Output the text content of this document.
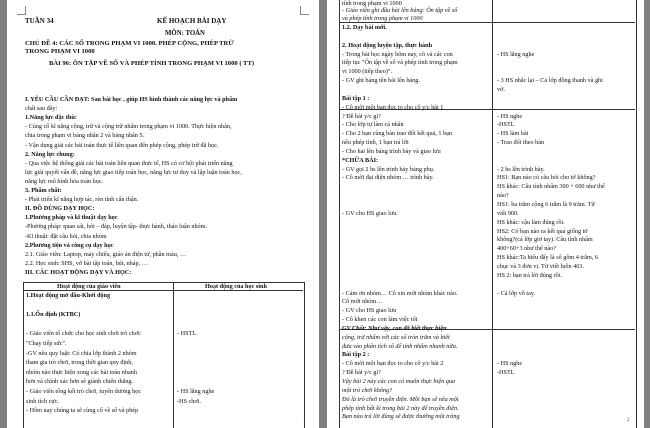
TUẦN 34	KẾ HOẠCH BÀI DẠY
MÔN: TOÁN
CHỦ ĐỀ 4: CÁC SỐ TRONG PHẠM VI 1000. PHÉP CỘNG, PHÉP TRỪ
TRONG PHẠM VI 1000
BÀI 96: ÔN TẬP VỀ SỐ VÀ PHÉP TÍNH TRONG PHẠM VI 1000 ( TT)
I. YÊU CẦU CẦN ĐẠT: Sau bài học , giúp HS hình thành các năng lực và phẩm
chất sau đây:
1.Năng lực đặc thù:
- Củng cố kĩ năng cộng, trừ và cộng trừ nhẩm trong phạm vi 1000. Thực hiện nhân,
chia trong phạm vi bảng nhân 2 và bảng nhân 5.
- Vận dụng giải các bài toán thực tế liên quan đến phép cộng, phép trừ đã học.
2. Năng lực chung:
- Qua việc hệ thống giải các bài toán liên quan thực tế, HS có cơ hội phát triển năng
lực giải quyết vấn đề, năng lực giao tiếp toán học, năng lực tư duy và lập luận toán học,
năng lực mô hình hóa toán học.
3. Phẩm chất:
- Phát triển kĩ năng hợp tác, rèn tính cẩn thận.
II. ĐỒ DÙNG DẠY HỌC:
1.Phương pháp và kĩ thuật dạy học
-Phương pháp: quan sát, hỏi – đáp, luyện tập- thực hành, thảo luận nhóm.
-Kĩ thuật: đặt câu hỏi, chia nhóm
2.Phương tiện và công cụ dạy học
2.1. Giáo viên: Laptop, máy chiếu, giáo án điện tử, phần màu, …
2.2. Học sinh: SHS, vở bài tập toán, bút, nháp, …
III. CÁC HOẠT ĐỘNG DẠY VÀ HỌC:
Hoạt động của giáo viên	Hoạt động của học sinh
1.Hoạt động mở đầu-Khởi động
1.1.Ổn định (KTBC)
- Giáo viên tổ chức cho học sinh chơi trò chơi:
"Chạy tiếp sức".
-GV nêu quy luật: Có chia lớp thành 2 nhóm
tham gia trò chơi, trong thời gian quy định,
nhóm nào thực hiện xong các bài toán nhanh
hơn và chính xác hơn sẽ giành chiến thắng.
- Giáo viên tổng kết trò chơi, tuyên dương học
sinh tích cực.
- Hôm nay chúng ta sẽ cùng cố về số và phép
- HSTL.
- HS lắng nghe
-HS chơi.
1
tính trong phạm vi 1000
- Giáo viên ghi đầu bài lên bảng: Ôn tập về số
và phép tính trong phạm vi 1000
1.2. Dạy bài mới.
2. Hoạt động luyện tập, thực hành
- Trong bài học ngày hôm nay, cô và các con
tiếp tục "Ôn tập về số và phép tính trong phạm
vi 1000 (tiếp theo)".
- GV ghi bảng tên bài lên bảng.
Bài tập 1 :
- Cô mời một bạn đọc to cho cô y/c bài 1
? Đề bài y/c gì?
- Cho lớp tự làm cá nhân
- Cho 2 bạn cùng bàn trao đổi kết quả, 1 bạn
nêu phép tính, 1 bạn trả lời
- Cho hai lên bảng trình bày và giao lưu
*CHỮA BÀI:
- GV gọi 2 hs lên trình bày bảng phụ.
- Cô mời đại diện nhóm … trình bày.
- GV cho HS giao lưu.
- Cảm ơn nhóm… Cô xin mời nhóm khác nào.
Cô mời nhóm…
- GV cho HS giao lưu
- Cô khen các con làm việc tốt
GV Chốt: Như vậy, con đã biết thực hiện
cộng, trừ nhẩm với các số tròn trăm và biết
đưa vào phân tích số để tính nhẩm nhanh nữa.
Bài tập 2 :
- Cô mời một bạn đọc to cho cô y/c bài 2
? Đề bài y/c gì?
Vậy bài 2 này các con có muốn thực hiện qua
một trò chơi không?
Đó là trò chơi truyền điện. Mỗi bạn sẽ nêu một
phép tính bất kì trong bài 2 này để truyền điện.
Bạn nào trả lời đúng sẽ được thưởng một tràng
- HS lắng nghe
- 3 HS nhắc lại – Cả lớp đồng thanh và ghi
vở.
- HS nghe
-HSTL
- HS làm bài
- Trao đổi theo bàn
- 2 hs lên trình bày.
HS1: Bạn nào có câu hỏi cho tớ không?
HS khác: Câu tính nhẩm 300 + 600 như thế
nào?
HS1: ba trăm cộng 6 trăm là 9 trăm. Từ
viết 900.
HS khác: cậu làm đúng rồi.
HS2: Có bạn nào ra kết quả giống tớ
không?(cả lớp giơ tay). Câu tính nhẩm
400+60+3 như thế nào?
HS khác:Ta hiểu đấy là số gồm 4 trăm, 6
chục và 3 đơn vị. Từ viết luôn 463.
HS 2: bạn trả lời đúng rồi.
- Cả lớp vỗ tay.
- HS nghe
-HSTL
2
